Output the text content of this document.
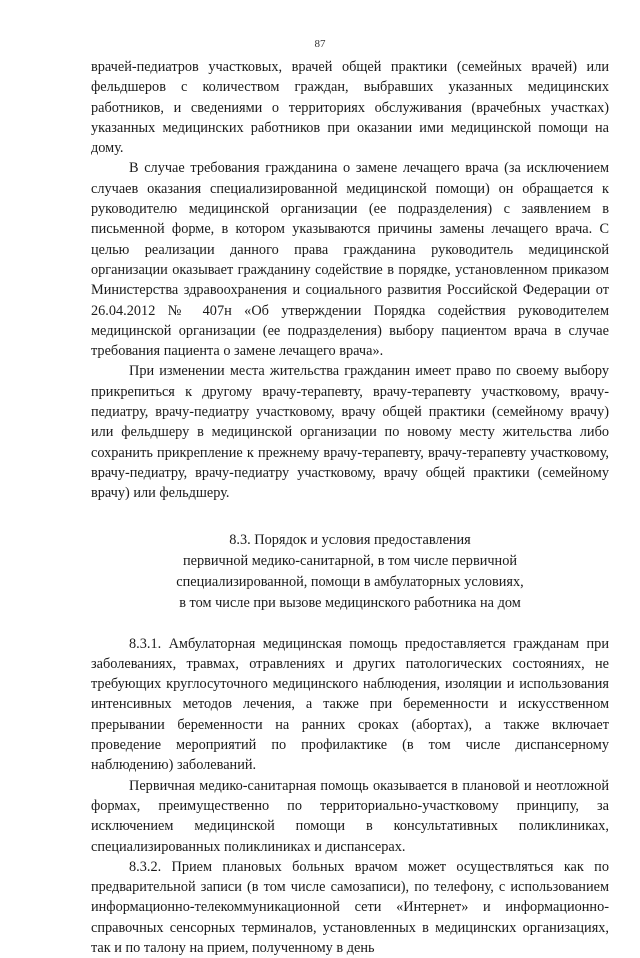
87

врачей-педиатров участковых, врачей общей практики (семейных врачей) или фельдшеров с количеством граждан, выбравших указанных медицинских работников, и сведениями о территориях обслуживания (врачебных участках) указанных медицинских работников при оказании ими медицинской помощи на дому.

В случае требования гражданина о замене лечащего врача (за исключением случаев оказания специализированной медицинской помощи) он обращается к руководителю медицинской организации (ее подразделения) с заявлением в письменной форме, в котором указываются причины замены лечащего врача. С целью реализации данного права гражданина руководитель медицинской организации оказывает гражданину содействие в порядке, установленном приказом Министерства здравоохранения и социального развития Российской Федерации от 26.04.2012 № 407н «Об утверждении Порядка содействия руководителем медицинской организации (ее подразделения) выбору пациентом врача в случае требования пациента о замене лечащего врача».

При изменении места жительства гражданин имеет право по своему выбору прикрепиться к другому врачу-терапевту, врачу-терапевту участковому, врачу-педиатру, врачу-педиатру участковому, врачу общей практики (семейному врачу) или фельдшеру в медицинской организации по новому месту жительства либо сохранить прикрепление к прежнему врачу-терапевту, врачу-терапевту участковому, врачу-педиатру, врачу-педиатру участковому, врачу общей практики (семейному врачу) или фельдшеру.

8.3. Порядок и условия предоставления
первичной медико-санитарной, в том числе первичной
специализированной, помощи в амбулаторных условиях,
в том числе при вызове медицинского работника на дом

8.3.1. Амбулаторная медицинская помощь предоставляется гражданам при заболеваниях, травмах, отравлениях и других патологических состояниях, не требующих круглосуточного медицинского наблюдения, изоляции и использования интенсивных методов лечения, а также при беременности и искусственном прерывании беременности на ранних сроках (абортах), а также включает проведение мероприятий по профилактике (в том числе диспансерному наблюдению) заболеваний.

Первичная медико-санитарная помощь оказывается в плановой и неотложной формах, преимущественно по территориально-участковому принципу, за исключением медицинской помощи в консультативных поликлиниках, специализированных поликлиниках и диспансерах.

8.3.2. Прием плановых больных врачом может осуществляться как по предварительной записи (в том числе самозаписи), по телефону, с использованием информационно-телекоммуникационной сети «Интернет» и информационно-справочных сенсорных терминалов, установленных в медицинских организациях, так и по талону на прием, полученному в день
